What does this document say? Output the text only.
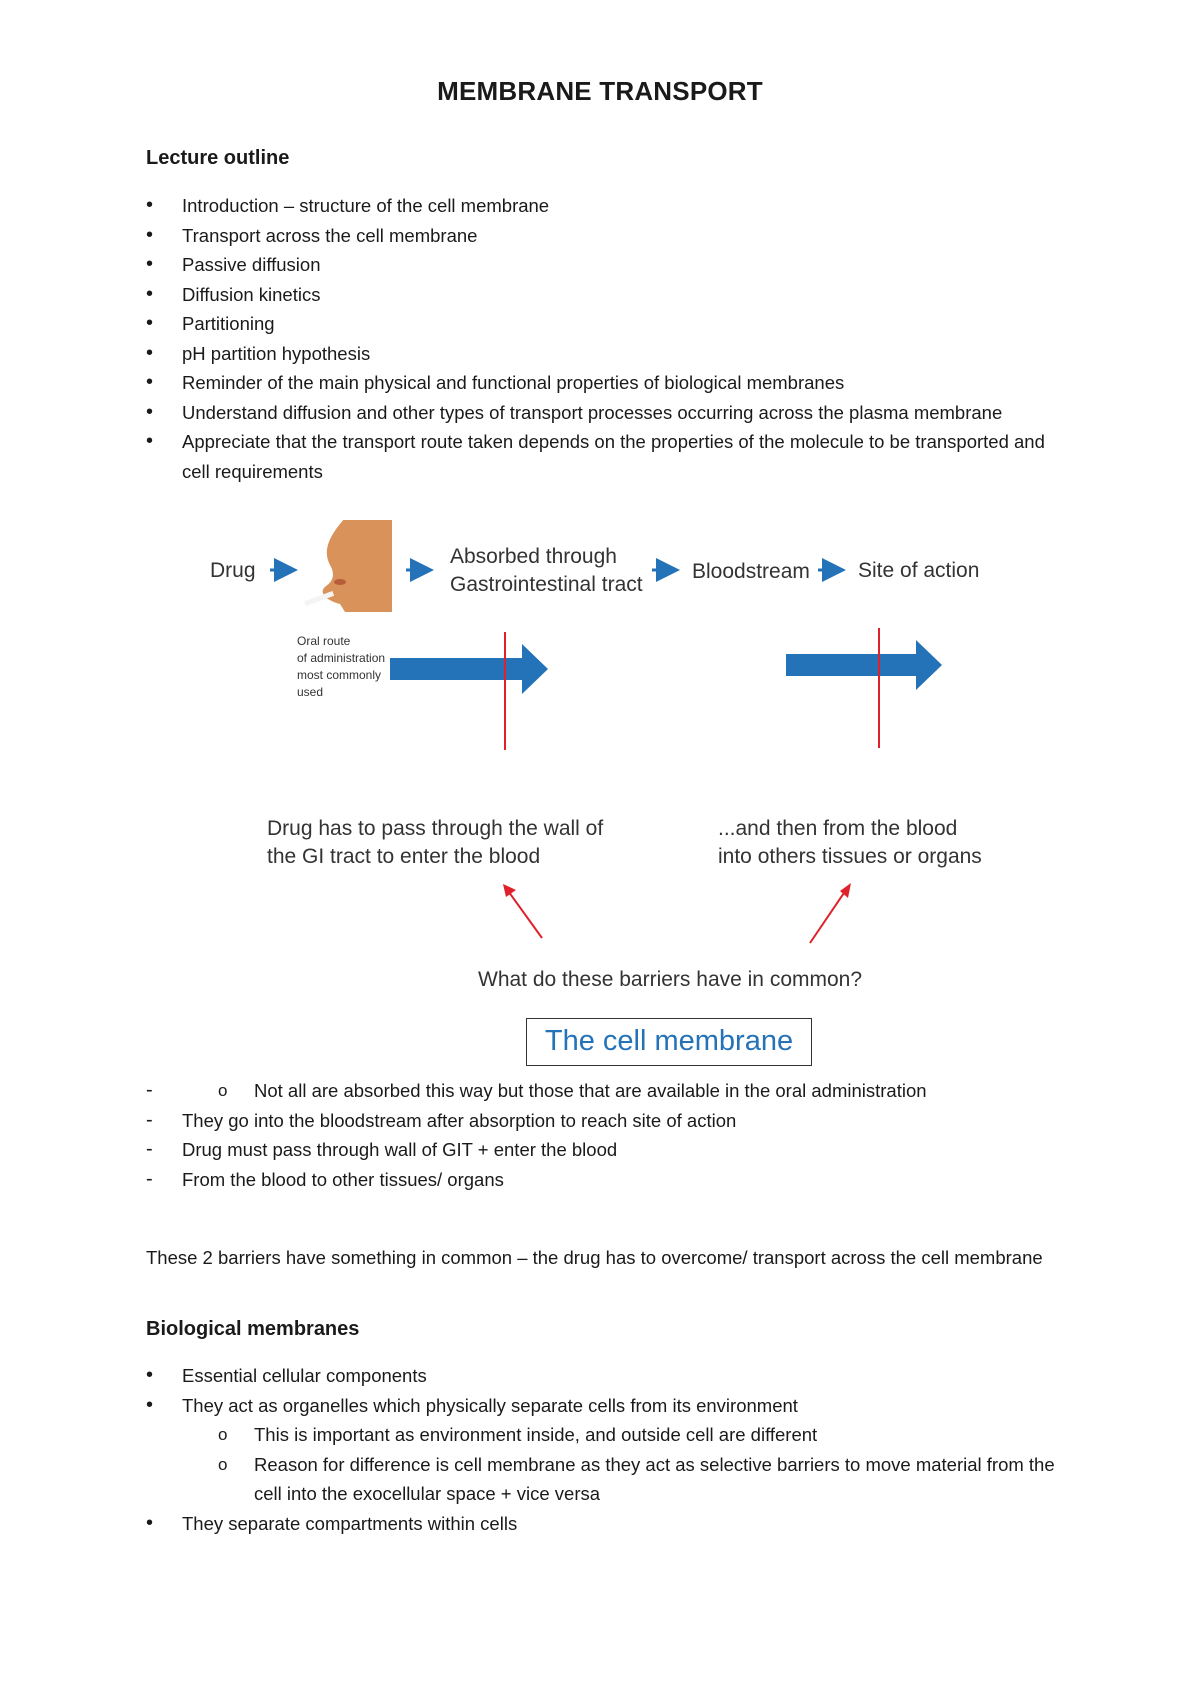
MEMBRANE TRANSPORT
Lecture outline
• Introduction – structure of the cell membrane
• Transport across the cell membrane
• Passive diffusion
• Diffusion kinetics
• Partitioning
• pH partition hypothesis
• Reminder of the main physical and functional properties of biological membranes
• Understand diffusion and other types of transport processes occurring across the plasma membrane
• Appreciate that the transport route taken depends on the properties of the molecule to be transported and cell requirements
Drug
Absorbed through
Gastrointestinal tract
Bloodstream Site of action
Oral route
of administration
most commonly
used
Drug has to pass through the wall of
the GI tract to enter the blood
...and then from the blood
into others tissues or organs
What do these barriers have in common?
The cell membrane
o Not all are absorbed this way but those that are available in the oral administration
- They go into the bloodstream after absorption to reach site of action
- Drug must pass through wall of GIT + enter the blood
- From the blood to other tissues/ organs
These 2 barriers have something in common – the drug has to overcome/ transport across the cell membrane
Biological membranes
• Essential cellular components
• They act as organelles which physically separate cells from its environment
o This is important as environment inside, and outside cell are different
o Reason for difference is cell membrane as they act as selective barriers to move material from the cell into the exocellular space + vice versa
• They separate compartments within cells
